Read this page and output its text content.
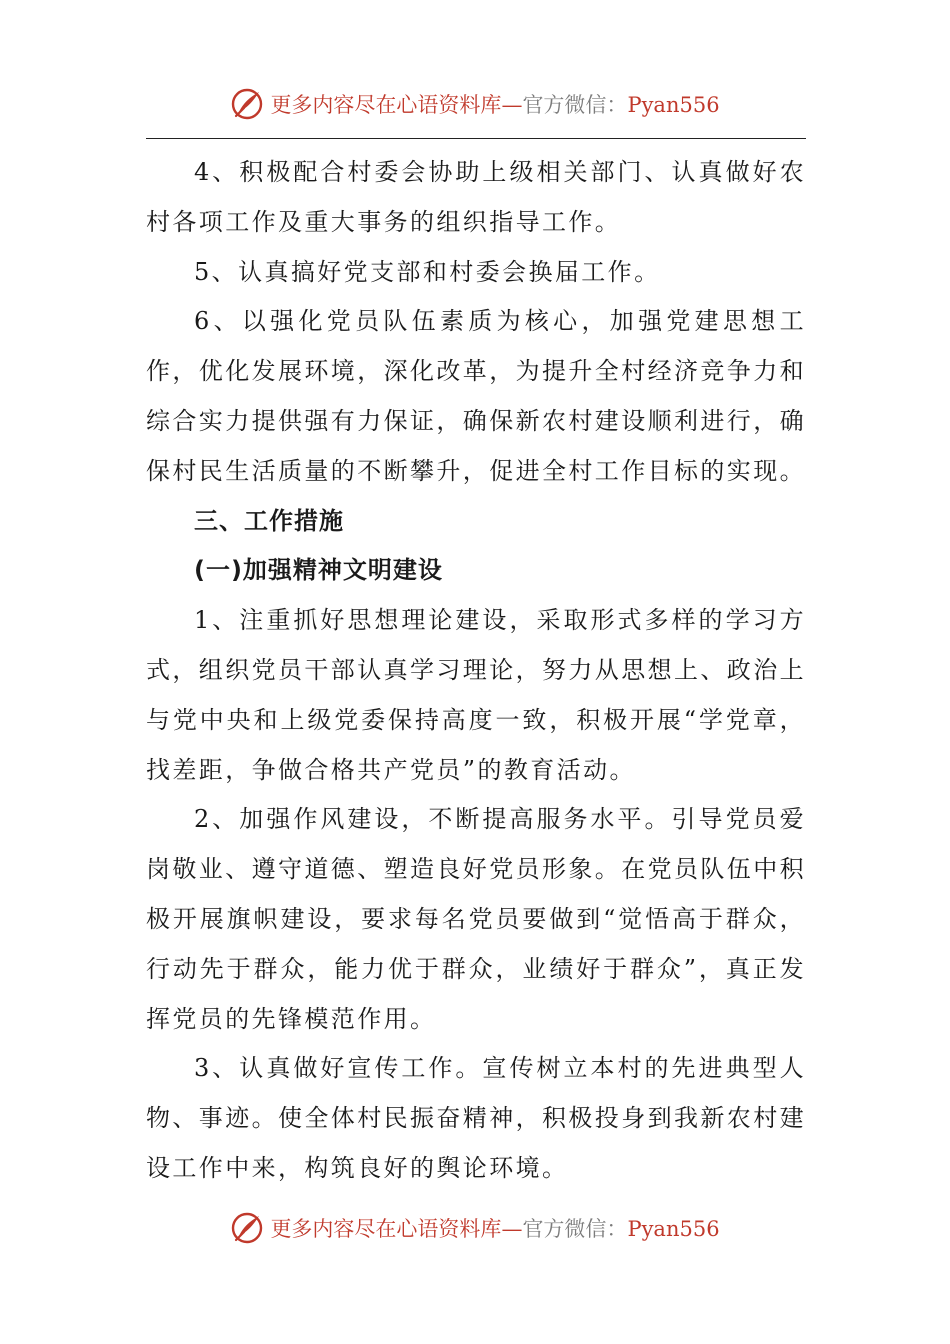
更多内容尽在心语资料库—官方微信：Pyan556

4、积极配合村委会协助上级相关部门、认真做好农村各项工作及重大事务的组织指导工作。

5、认真搞好党支部和村委会换届工作。

6、以强化党员队伍素质为核心，加强党建思想工作，优化发展环境，深化改革，为提升全村经济竞争力和综合实力提供强有力保证，确保新农村建设顺利进行，确保村民生活质量的不断攀升，促进全村工作目标的实现。

三、工作措施

(一)加强精神文明建设

1、注重抓好思想理论建设，采取形式多样的学习方式，组织党员干部认真学习理论，努力从思想上、政治上与党中央和上级党委保持高度一致，积极开展“学党章，找差距，争做合格共产党员”的教育活动。

2、加强作风建设，不断提高服务水平。引导党员爱岗敬业、遵守道德、塑造良好党员形象。在党员队伍中积极开展旗帜建设，要求每名党员要做到“觉悟高于群众，行动先于群众，能力优于群众，业绩好于群众”，真正发挥党员的先锋模范作用。

3、认真做好宣传工作。宣传树立本村的先进典型人物、事迹。使全体村民振奋精神，积极投身到我新农村建设工作中来，构筑良好的舆论环境。

更多内容尽在心语资料库—官方微信：Pyan556
